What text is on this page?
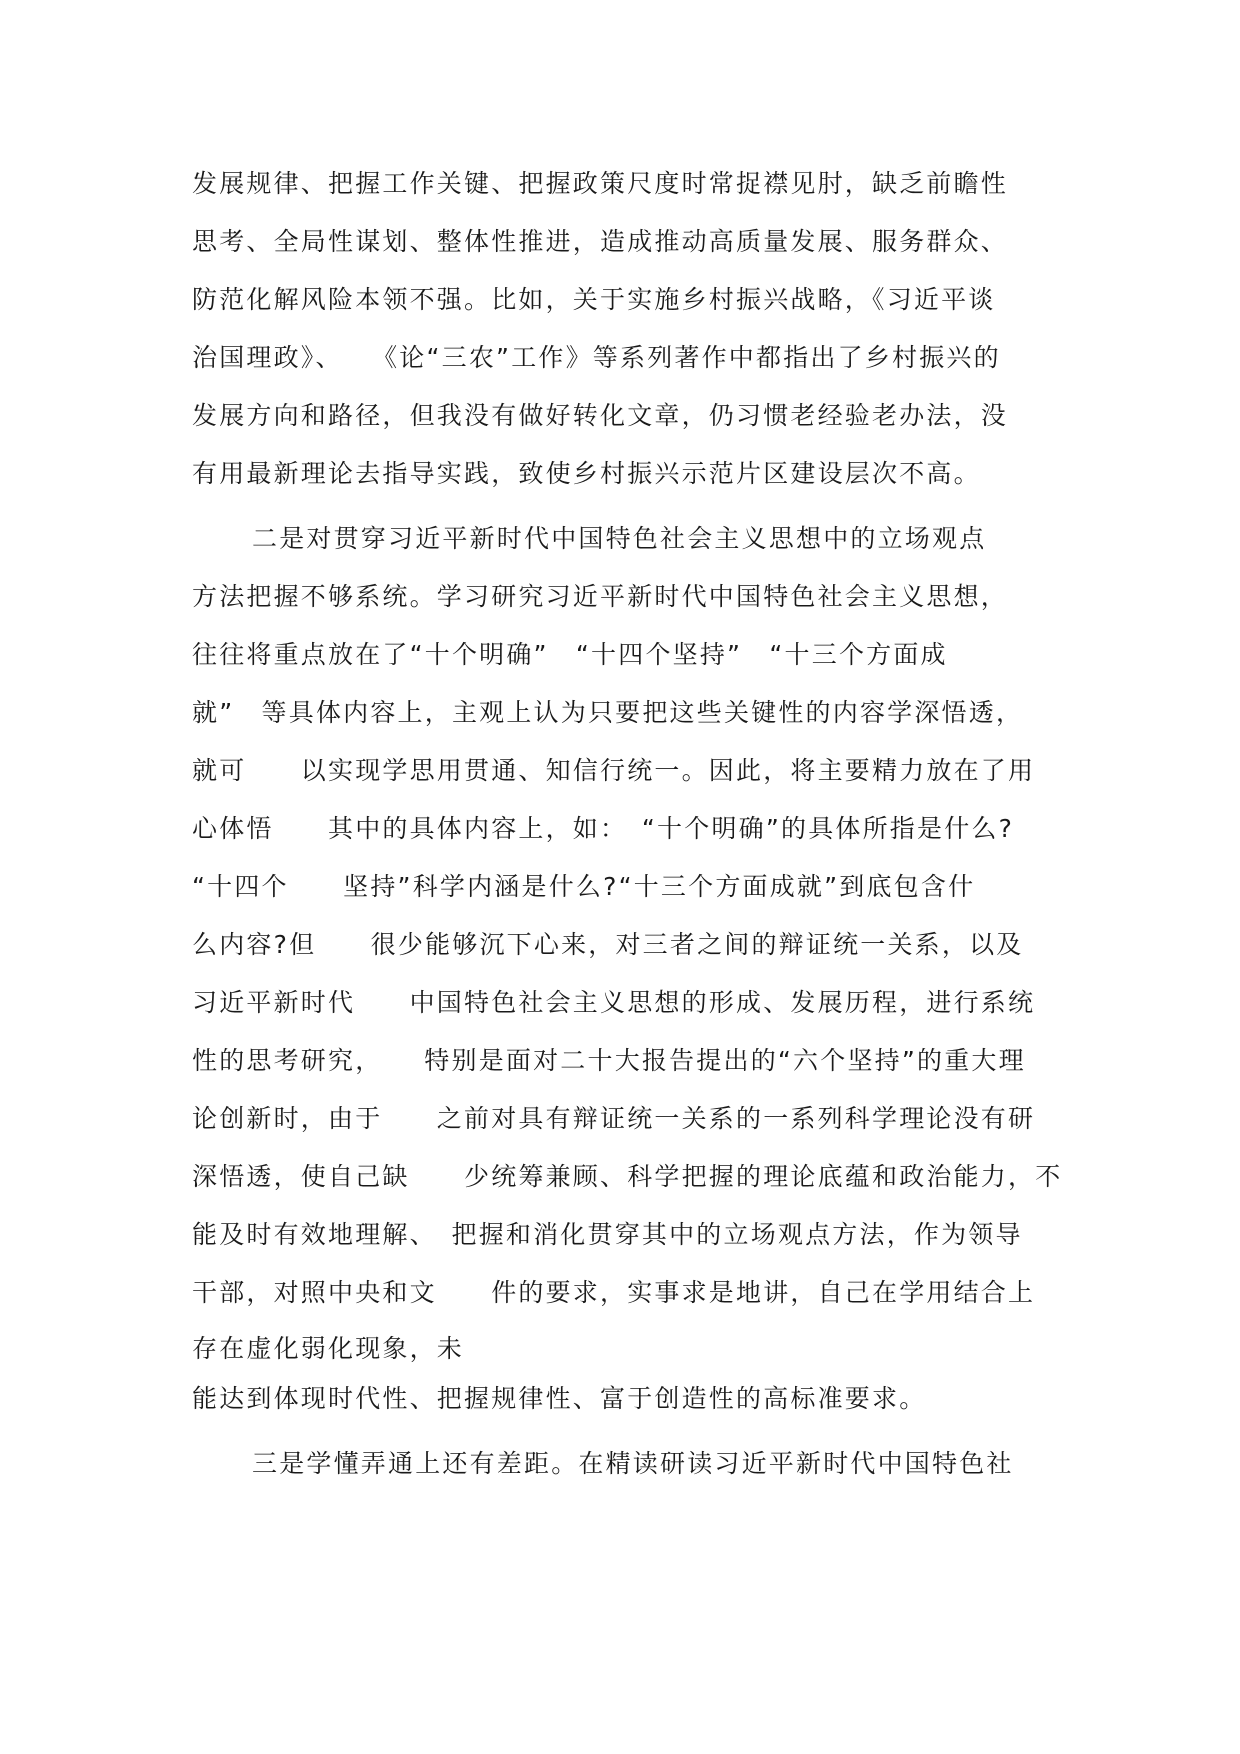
发展规律、把握工作关键、把握政策尺度时常捉襟见肘，缺乏前瞻性
思考、全局性谋划、整体性推进，造成推动高质量发展、服务群众、
防范化解风险本领不强。比如，关于实施乡村振兴战略，《习近平谈
治国理政》、　　《论“三农”工作》等系列著作中都指出了乡村振兴的
发展方向和路径，但我没有做好转化文章，仍习惯老经验老办法，没
有用最新理论去指导实践，致使乡村振兴示范片区建设层次不高。
二是对贯穿习近平新时代中国特色社会主义思想中的立场观点
方法把握不够系统。学习研究习近平新时代中国特色社会主义思想，
往往将重点放在了“十个明确”　“十四个坚持”　“十三个方面成
就”　等具体内容上，主观上认为只要把这些关键性的内容学深悟透，
就可　　以实现学思用贯通、知信行统一。因此，将主要精力放在了用
心体悟　　其中的具体内容上，如：　“十个明确”的具体所指是什么?
“十四个　　坚持”科学内涵是什么?“十三个方面成就”到底包含什
么内容?但　　很少能够沉下心来，对三者之间的辩证统一关系，以及
习近平新时代　　中国特色社会主义思想的形成、发展历程，进行系统
性的思考研究，　　特别是面对二十大报告提出的“六个坚持”的重大理
论创新时，由于　　之前对具有辩证统一关系的一系列科学理论没有研
深悟透，使自己缺　　少统筹兼顾、科学把握的理论底蕴和政治能力，不
能及时有效地理解、　把握和消化贯穿其中的立场观点方法，作为领导
干部，对照中央和文　　件的要求，实事求是地讲，自己在学用结合上
存在虚化弱化现象，未
能达到体现时代性、把握规律性、富于创造性的高标准要求。
三是学懂弄通上还有差距。在精读研读习近平新时代中国特色社
